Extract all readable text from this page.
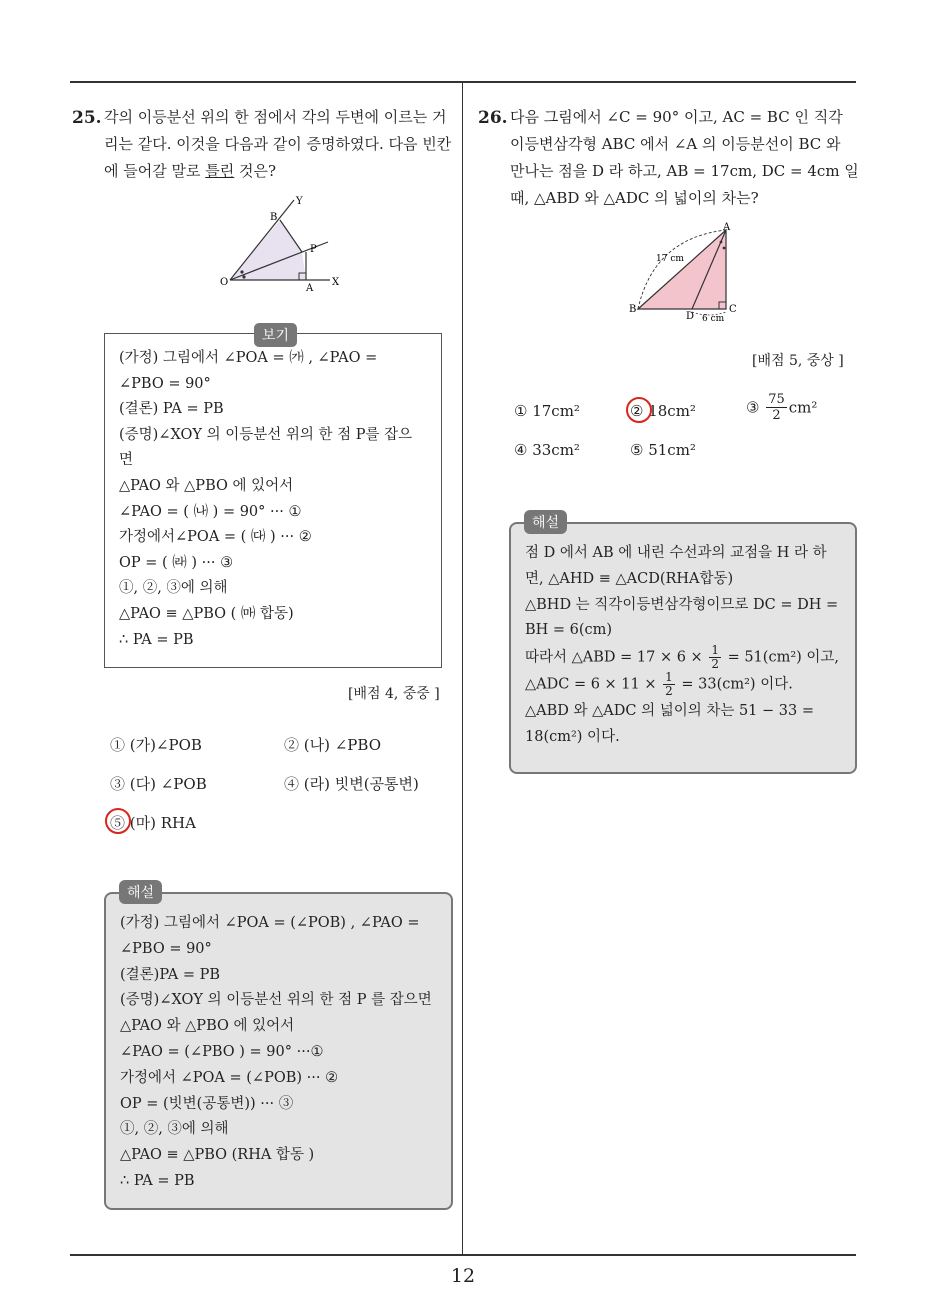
12
25. 각의 이등분선 위의 한 점에서 각의 두변에 이르는 거

리는 같다. 이것을 다음과 같이 증명하였다. 다음 빈칸

에 들어갈 말로 틀린 것은?

Y
B
P
O
A
X
(가정) 그림에서 ∠POA = ㈎ , ∠PAO =
∠PBO = 90°
(결론) PA = PB
(증명)∠XOY 의 이등분선 위의 한 점 P를 잡으
면
△PAO 와 △PBO 에 있어서
∠PAO = ( ㈏ ) = 90° ··· ①
가정에서∠POA = ( ㈐ ) ··· ②
OP = ( ㈑ ) ··· ③
①, ②, ③에 의해
△PAO ≡ △PBO ( ㈒ 합동)
∴ PA = PB
보기
[배점 4, 중중 ]
① (가)∠POB	② (나) ∠PBO
③ (다) ∠POB	④ (라) 빗변(공통변)
⑤ (마) RHA
(가정) 그림에서 ∠POA = (∠POB) , ∠PAO =
∠PBO = 90°
(결론)PA = PB
(증명)∠XOY 의 이등분선 위의 한 점 P 를 잡으면
△PAO 와 △PBO 에 있어서
∠PAO = (∠PBO ) = 90° ···①
가정에서 ∠POA = (∠POB) ··· ②
OP = (빗변(공통변)) ··· ③
①, ②, ③에 의해
△PAO ≡ △PBO (RHA 합동 )
∴ PA = PB
해설
26. 다음 그림에서 ∠C = 90° 이고, AC = BC 인 직각

이등변삼각형 ABC 에서 ∠A 의 이등분선이 BC 와

만나는 점을 D 라 하고, AB = 17cm, DC = 4cm 일

때, △ABD 와 △ADC 의 넓이의 차는?

A
B	C
D
17 cm
6 cm
[배점 5, 중상 ]
① 17cm²	② 18cm²	③ $\frac{75}{2} cm^2$
④ 33cm²	⑤ 51cm²
점 D 에서 AB 에 내린 수선과의 교점을 H 라 하
면, △AHD ≡ △ACD(RHA합동)
△BHD 는 직각이등변삼각형이므로 DC = DH =
BH = 6(cm)
따라서 △ABD = $17 \times 6 \times \frac{1}{2} = 51(cm^2)$ 이고,
△ADC = $6 \times 11 \times \frac{1}{2} = 33(cm^2)$ 이다.
△ABD 와 △ADC 의 넓이의 차는 51 − 33 =
18(cm²) 이다.
해설
